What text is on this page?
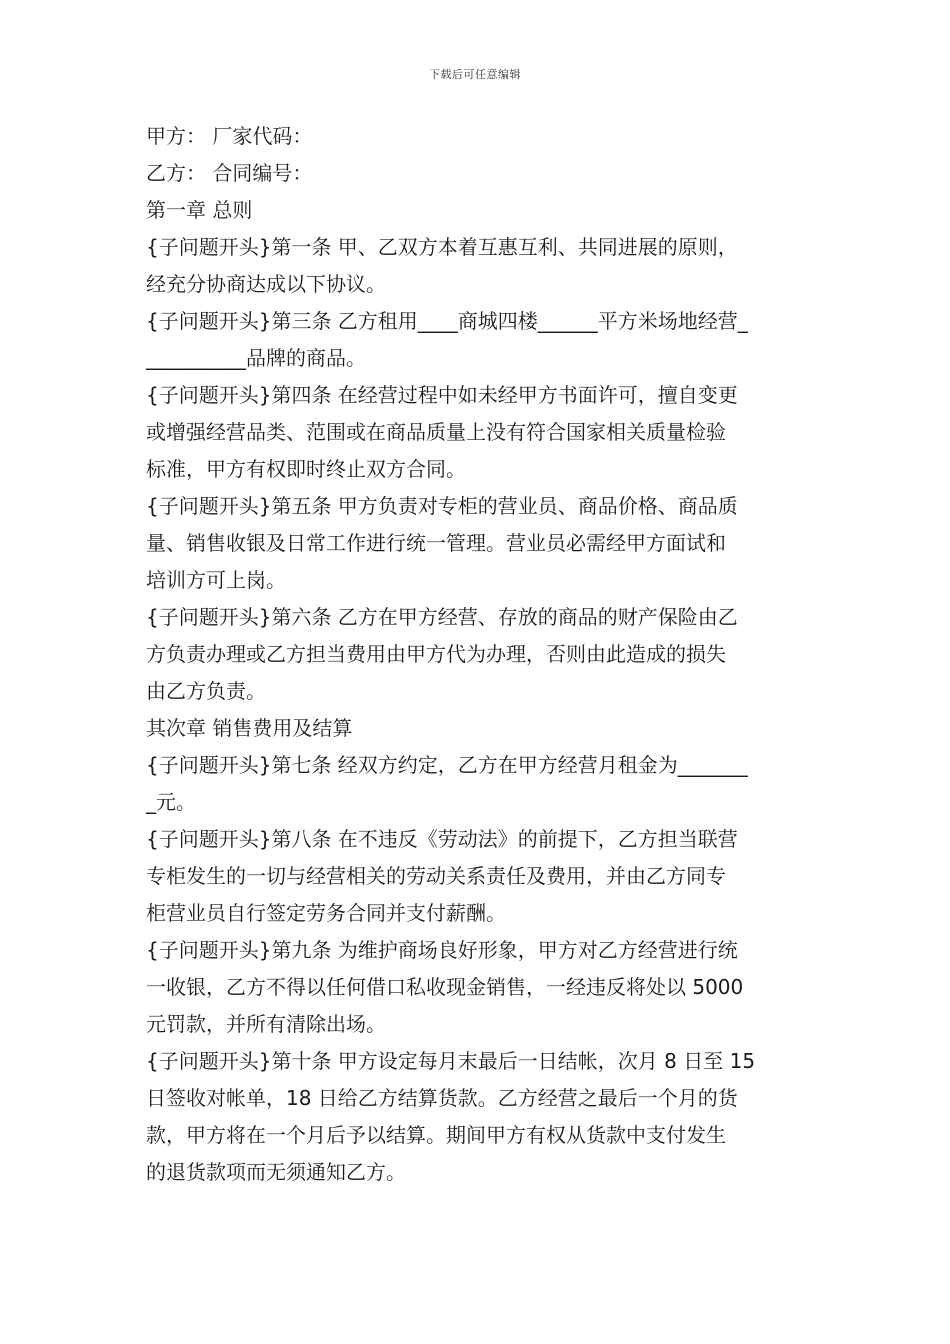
下载后可任意编辑
甲方： 厂家代码：
乙方： 合同编号：
第一章 总则
{子问题开头}第一条 甲、乙双方本着互惠互利、共同进展的原则，
经充分协商达成以下协议。
{子问题开头}第三条 乙方租用____商城四楼______平方米场地经营_
__________品牌的商品。
{子问题开头}第四条 在经营过程中如未经甲方书面许可，擅自变更
或增强经营品类、范围或在商品质量上没有符合国家相关质量检验
标准，甲方有权即时终止双方合同。
{子问题开头}第五条 甲方负责对专柜的营业员、商品价格、商品质
量、销售收银及日常工作进行统一管理。营业员必需经甲方面试和
培训方可上岗。
{子问题开头}第六条 乙方在甲方经营、存放的商品的财产保险由乙
方负责办理或乙方担当费用由甲方代为办理，否则由此造成的损失
由乙方负责。
其次章 销售费用及结算
{子问题开头}第七条 经双方约定，乙方在甲方经营月租金为_______
_元。
{子问题开头}第八条 在不违反《劳动法》的前提下，乙方担当联营
专柜发生的一切与经营相关的劳动关系责任及费用，并由乙方同专
柜营业员自行签定劳务合同并支付薪酬。
{子问题开头}第九条 为维护商场良好形象，甲方对乙方经营进行统
一收银，乙方不得以任何借口私收现金销售，一经违反将处以 5000
元罚款，并所有清除出场。
{子问题开头}第十条 甲方设定每月末最后一日结帐，次月 8 日至 15
日签收对帐单，18 日给乙方结算货款。乙方经营之最后一个月的货
款，甲方将在一个月后予以结算。期间甲方有权从货款中支付发生
的退货款项而无须通知乙方。
